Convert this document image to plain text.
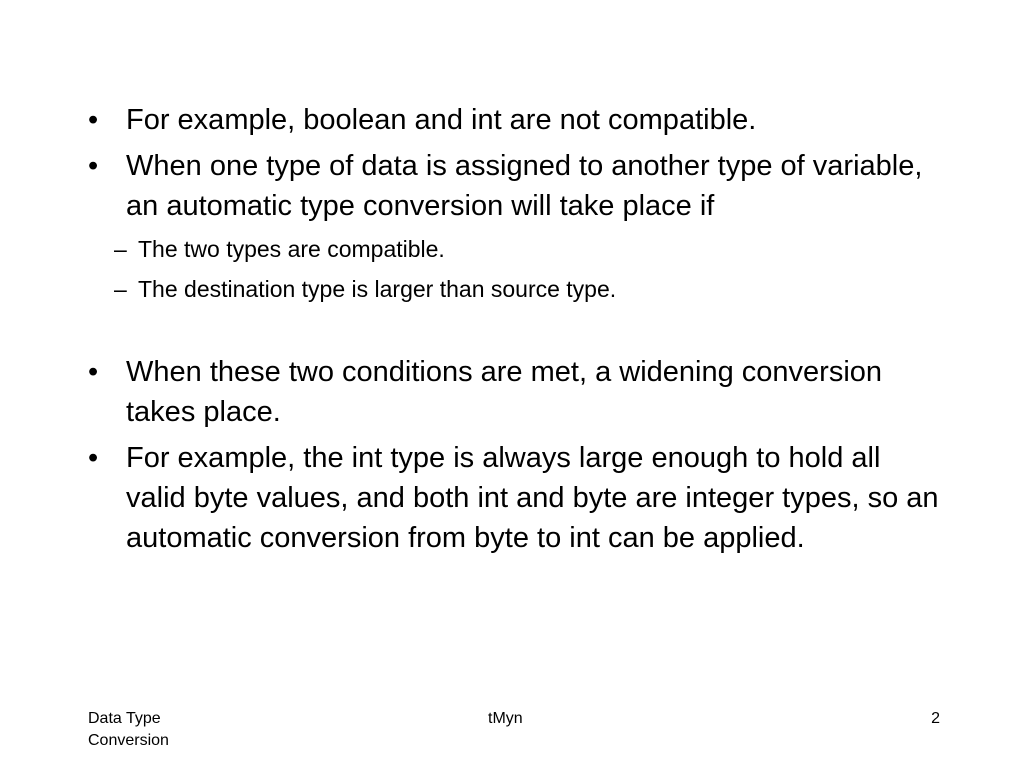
• For example, boolean and int are not compatible.
• When one type of data is assigned to another type of variable, an automatic type conversion will take place if
– The two types are compatible.
– The destination type is larger than source type.
• When these two conditions are met, a widening conversion takes place.
• For example, the int type is always large enough to hold all valid byte values, and both int and byte are integer types, so an automatic conversion from byte to int can be applied.
Data Type
Conversion
tMyn	2
